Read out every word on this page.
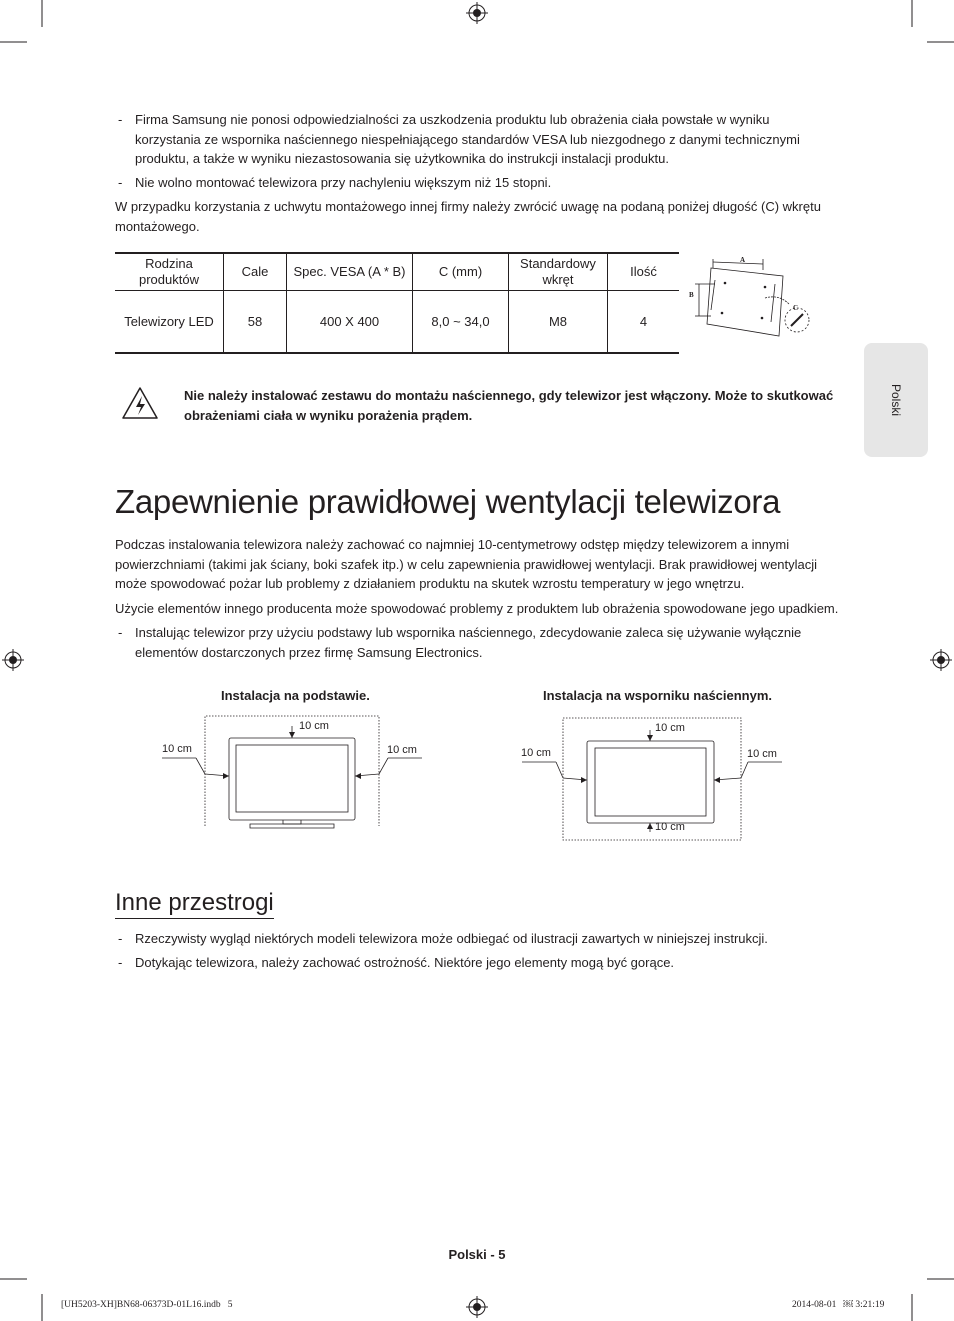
- Firma Samsung nie ponosi odpowiedzialności za uszkodzenia produktu lub obrażenia ciała powstałe w wyniku korzystania ze wspornika naściennego niespełniającego standardów VESA lub niezgodnego z danymi technicznymi produktu, a także w wyniku niezastosowania się użytkownika do instrukcji instalacji produktu.
- Nie wolno montować telewizora przy nachyleniu większym niż 15 stopni.

W przypadku korzystania z uchwytu montażowego innej firmy należy zwrócić uwagę na podaną poniżej długość (C) wkrętu montażowego.

Rodzina produktów	Cale	Spec. VESA (A * B)	C (mm)	Standardowy wkręt	Ilość
Telewizory LED	58	400 X 400	8,0 ~ 34,0	M8	4
A
B
C
Nie należy instalować zestawu do montażu naściennego, gdy telewizor jest włączony. Może to skutkować obrażeniami ciała w wyniku porażenia prądem.
Zapewnienie prawidłowej wentylacji telewizora

Podczas instalowania telewizora należy zachować co najmniej 10-centymetrowy odstęp między telewizorem a innymi powierzchniami (takimi jak ściany, boki szafek itp.) w celu zapewnienia prawidłowej wentylacji. Brak prawidłowej wentylacji może spowodować pożar lub problemy z działaniem produktu na skutek wzrostu temperatury w jego wnętrzu.

Użycie elementów innego producenta może spowodować problemy z produktem lub obrażenia spowodowane jego upadkiem.

- Instalując telewizor przy użyciu podstawy lub wspornika naściennego, zdecydowanie zaleca się używanie wyłącznie elementów dostarczonych przez firmę Samsung Electronics.
Instalacja na podstawie.	Instalacja na wsporniku naściennym.
10 cm
10 cm	10 cm
10 cm
10 cm	10 cm
10 cm
Inne przestrogi
- Rzeczywisty wygląd niektórych modeli telewizora może odbiegać od ilustracji zawartych w niniejszej instrukcji.
- Dotykając telewizora, należy zachować ostrożność. Niektóre jego elementy mogą być gorące.
Polski
Polski - 5
[UH5203-XH]BN68-06373D-01L16.indb   5	2014-08-01   ￼ 3:21:19
